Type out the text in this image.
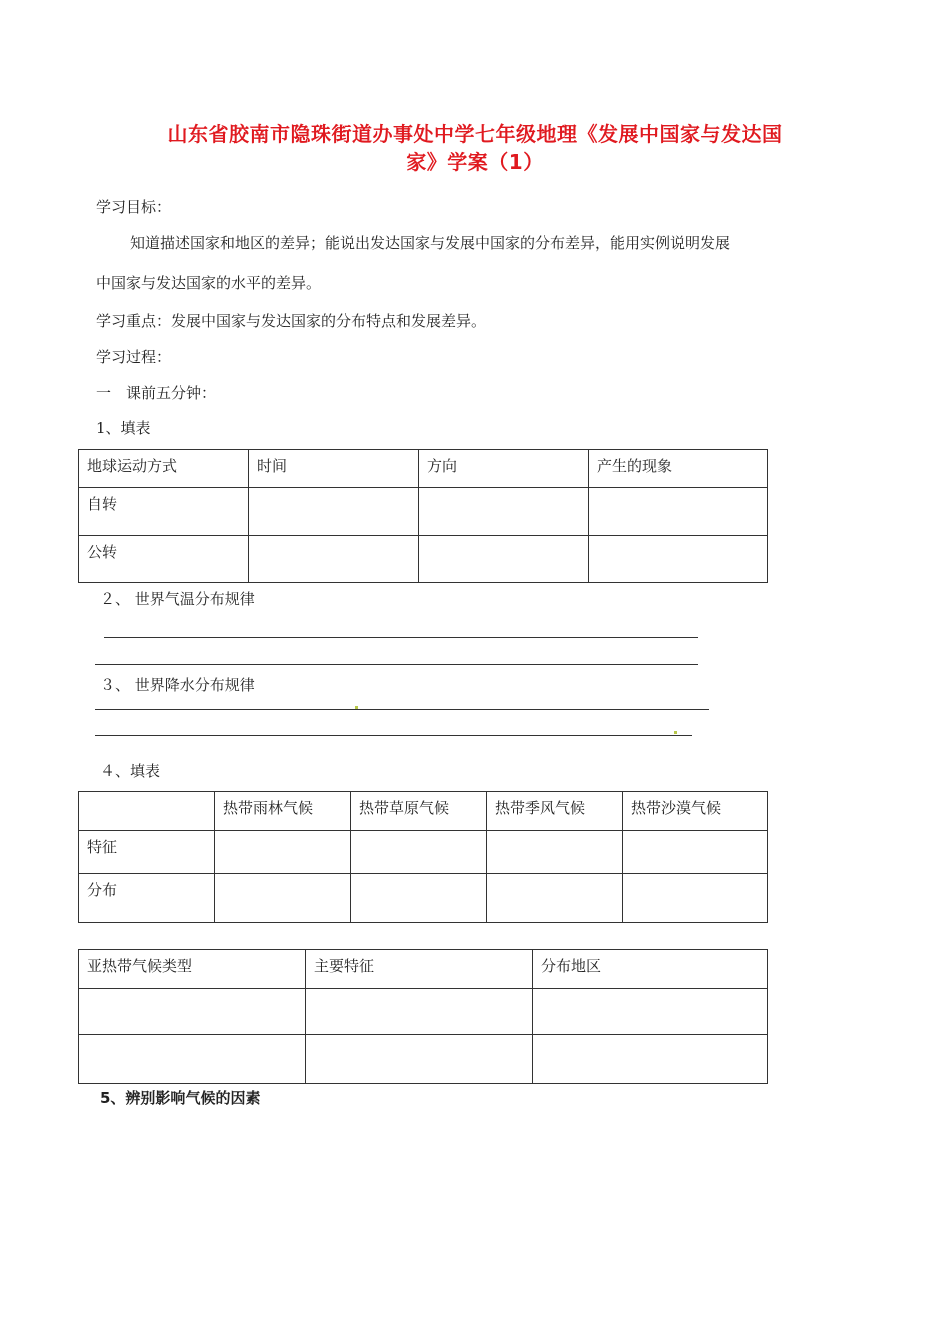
山东省胶南市隐珠街道办事处中学七年级地理《发展中国家与发达国
家》学案（1）
学习目标：
知道描述国家和地区的差异；能说出发达国家与发展中国家的分布差异，能用实例说明发展
中国家与发达国家的水平的差异。
学习重点：发展中国家与发达国家的分布特点和发展差异。
学习过程：
一　课前五分钟：
1、填表
地球运动方式	时间	方向	产生的现象
自转			
公转			
２、 世界气温分布规律
３、 世界降水分布规律
４、填表
	热带雨林气候	热带草原气候	热带季风气候	热带沙漠气候
特征				
分布				
亚热带气候类型	主要特征	分布地区

5、辨别影响气候的因素
